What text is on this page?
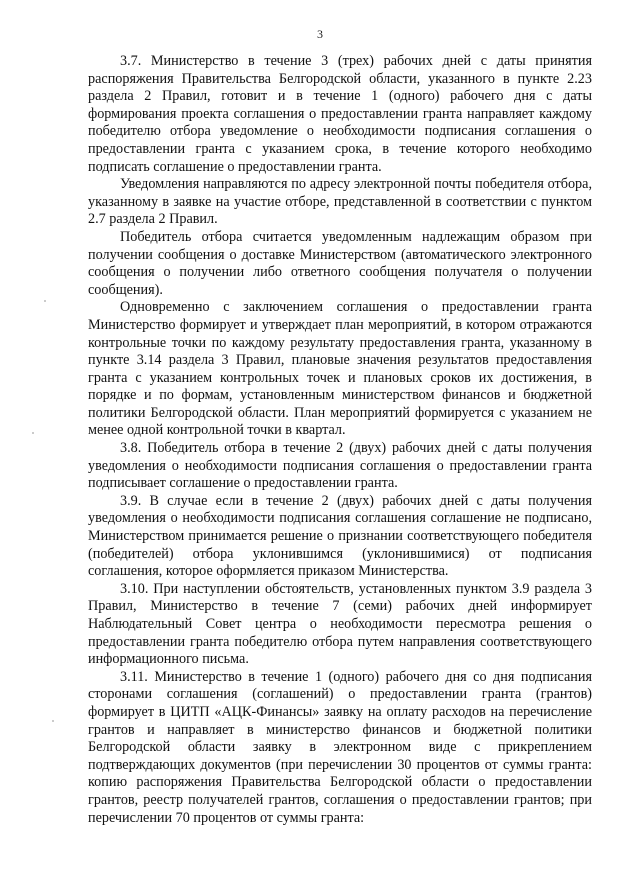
3

3.7. Министерство в течение 3 (трех) рабочих дней с даты принятия распоряжения Правительства Белгородской области, указанного в пункте 2.23 раздела 2 Правил, готовит и в течение 1 (одного) рабочего дня с даты формирования проекта соглашения о предоставлении гранта направляет каждому победителю отбора уведомление о необходимости подписания соглашения о предоставлении гранта с указанием срока, в течение которого необходимо подписать соглашение о предоставлении гранта.

Уведомления направляются по адресу электронной почты победителя отбора, указанному в заявке на участие отборе, представленной в соответствии с пунктом 2.7 раздела 2 Правил.

Победитель отбора считается уведомленным надлежащим образом при получении сообщения о доставке Министерством (автоматического электронного сообщения о получении либо ответного сообщения получателя о получении сообщения).

Одновременно с заключением соглашения о предоставлении гранта Министерство формирует и утверждает план мероприятий, в котором отражаются контрольные точки по каждому результату предоставления гранта, указанному в пункте 3.14 раздела 3 Правил, плановые значения результатов предоставления гранта с указанием контрольных точек и плановых сроков их достижения, в порядке и по формам, установленным министерством финансов и бюджетной политики Белгородской области. План мероприятий формируется с указанием не менее одной контрольной точки в квартал.

3.8. Победитель отбора в течение 2 (двух) рабочих дней с даты получения уведомления о необходимости подписания соглашения о предоставлении гранта подписывает соглашение о предоставлении гранта.

3.9. В случае если в течение 2 (двух) рабочих дней с даты получения уведомления о необходимости подписания соглашения соглашение не подписано, Министерством принимается решение о признании соответствующего победителя (победителей) отбора уклонившимся (уклонившимися) от подписания соглашения, которое оформляется приказом Министерства.

3.10. При наступлении обстоятельств, установленных пунктом 3.9 раздела 3 Правил, Министерство в течение 7 (семи) рабочих дней информирует Наблюдательный Совет центра о необходимости пересмотра решения о предоставлении гранта победителю отбора путем направления соответствующего информационного письма.

3.11. Министерство в течение 1 (одного) рабочего дня со дня подписания сторонами соглашения (соглашений) о предоставлении гранта (грантов) формирует в ЦИТП «АЦК-Финансы» заявку на оплату расходов на перечисление грантов и направляет в министерство финансов и бюджетной политики Белгородской области заявку в электронном виде с прикреплением подтверждающих документов (при перечислении 30 процентов от суммы гранта: копию распоряжения Правительства Белгородской области о предоставлении грантов, реестр получателей грантов, соглашения о предоставлении грантов; при перечислении 70 процентов от суммы гранта:
